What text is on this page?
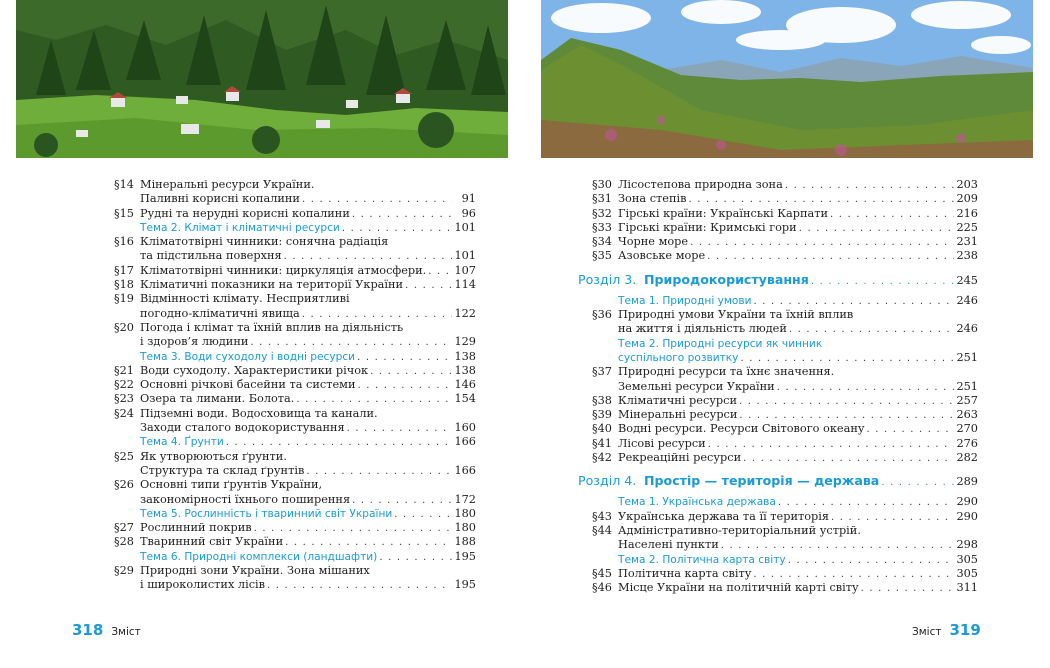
§14 Мінеральні ресурси України.
Паливні корисні копалини . . .	91
§15 Рудні та нерудні корисні копалини . . .	96
Тема 2. Клімат і кліматичні ресурси . . .	101
§16 Кліматотвірні чинники: сонячна радіація
та підстильна поверхня . . .	101
§17 Кліматотвірні чинники: циркуляція атмосфери. . . . 107
§18 Кліматичні показники на території України . . .	114
§19 Відмінності клімату. Несприятливі
погодно-кліматичні явища . . .	122
§20 Погода і клімат та їхній вплив на діяльність
і здоров’я людини . . .	129
Тема 3. Води суходолу і водні ресурси . . .	138
§21 Води суходолу. Характеристики річок . . .	138
§22 Основні річкові басейни та системи . . .	146
§23 Озера та лимани. Болота. . . .	154
§24 Підземні води. Водосховища та канали.
Заходи сталого водокористування . . .	160
Тема 4. Ґрунти . . .	166
§25 Як утворюються ґрунти.
Структура та склад ґрунтів . . .	166
§26 Основні типи ґрунтів України,
закономірності їхнього поширення . . .	172
Тема 5. Рослинність і тваринний світ України . . .	180
§27 Рослинний покрив . . .	180
§28 Тваринний світ України . . .	188
Тема 6. Природні комплекси (ландшафти) . . .	195
§29 Природні зони України. Зона мішаних
і широколистих лісів . . .	195
§30 Лісостепова природна зона . . .	203
§31 Зона степів . . .	209
§32 Гірські країни: Українські Карпати . . .	216
§33 Гірські країни: Кримські гори . . .	225
§34 Чорне море . . .	231
§35 Азовське море . . .	238
Розділ 3. Природокористування . . .	245
Тема 1. Природні умови . . .	246
§36 Природні умови України та їхній вплив
на життя і діяльність людей . . .	246
Тема 2. Природні ресурси як чинник
суспільного розвитку . . .	251
§37 Природні ресурси та їхнє значення.
Земельні ресурси України . . .	251
§38 Кліматичні ресурси . . .	257
§39 Мінеральні ресурси . . .	263
§40 Водні ресурси. Ресурси Світового океану . . .	270
§41 Лісові ресурси . . .	276
§42 Рекреаційні ресурси . . .	282
Розділ 4. Простір — територія — держава . . .	289
Тема 1. Українська держава . . .	290
§43 Українська держава та її територія . . .	290
§44 Адміністративно-територіальний устрій.
Населені пункти . . .	298
Тема 2. Політична карта світу . . .	305
§45 Політична карта світу . . .	305
§46 Місце України на політичній карті світу . . .	311
318 Зміст	Зміст 319
